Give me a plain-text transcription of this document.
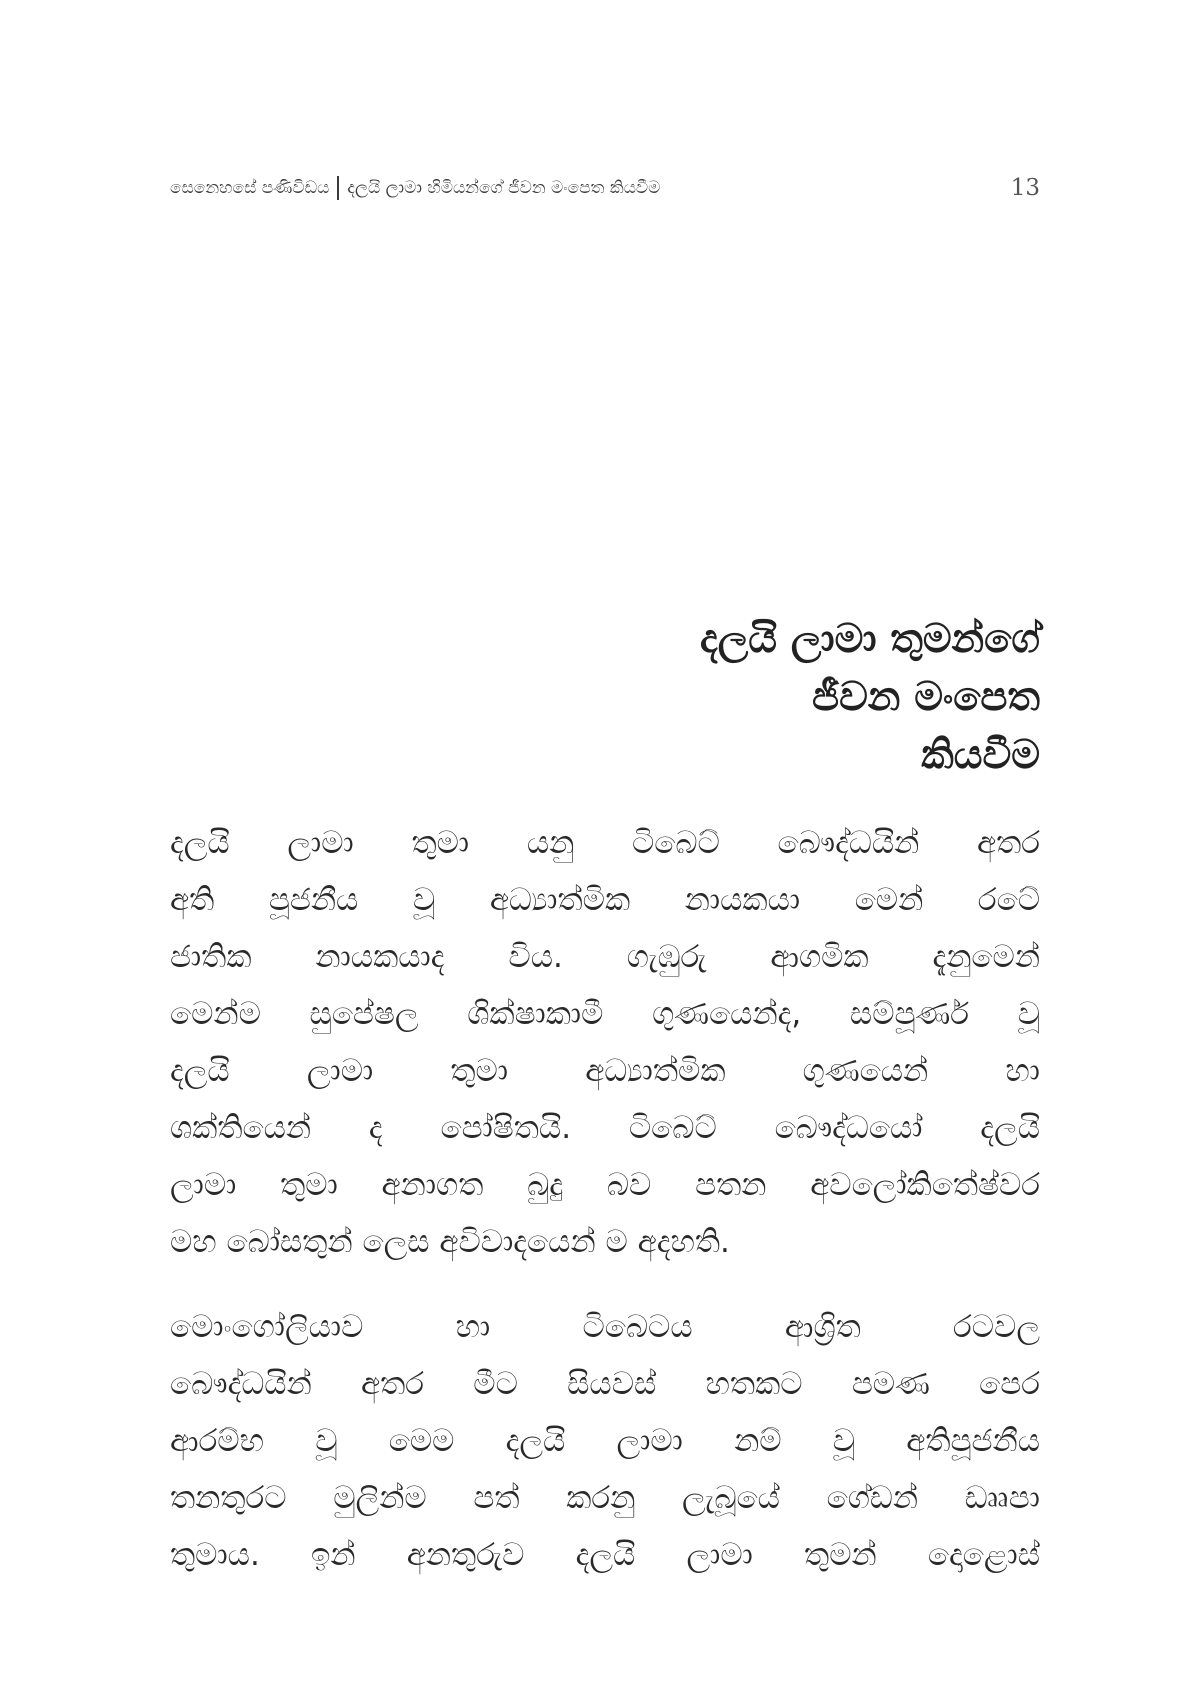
සෙනෙහසේ පණිවිඩය දලයි ලාමා හිමියන්ගේ ජීවන මංපෙත කියවීම	13
දලයි ලාමා තුමන්ගේ
ජීවන මංපෙත
කියවීම
දලයි ලාමා තුමා යනු ටිබෙට් බෞද්ධයින් අතර
අති පූජනීය වූ අධ්‍යාත්මික නායකයා මෙන් රටේ
ජාතික නායකයාද විය. ගැඹුරු ආගමික දැනුමෙන්
මෙන්ම සුපේෂල ශික්ෂාකාමී ගුණයෙන්ද, සම්පූර්ණ වූ
දලයි ලාමා තුමා අධ්‍යාත්මික ගුණයෙන් හා
ශක්තියෙන් ද පෝෂිතයි. ටිබෙට් බෞද්ධයෝ දලයි
ලාමා තුමා අනාගත බුදු බව පතන අවලෝකිතේෂ්වර
මහ බෝසතුන් ලෙස අවිවාදයෙන් ම අදහති.
මොංගෝලියාව හා ටිබෙටය ආශ්‍රිත රටවල
බෞද්ධයින් අතර මීට සියවස් හතකට පමණ පෙර
ආරම්භ වූ මෙම දලයි ලාමා නම් වූ අතිපූජනීය
තනතුරට මුලින්ම පත් කරනු ලැබූයේ ගේඩන් ඩෲපා
තුමාය. ඉන් අනතුරුව දලයි ලාමා තුමන් දොළොස්
